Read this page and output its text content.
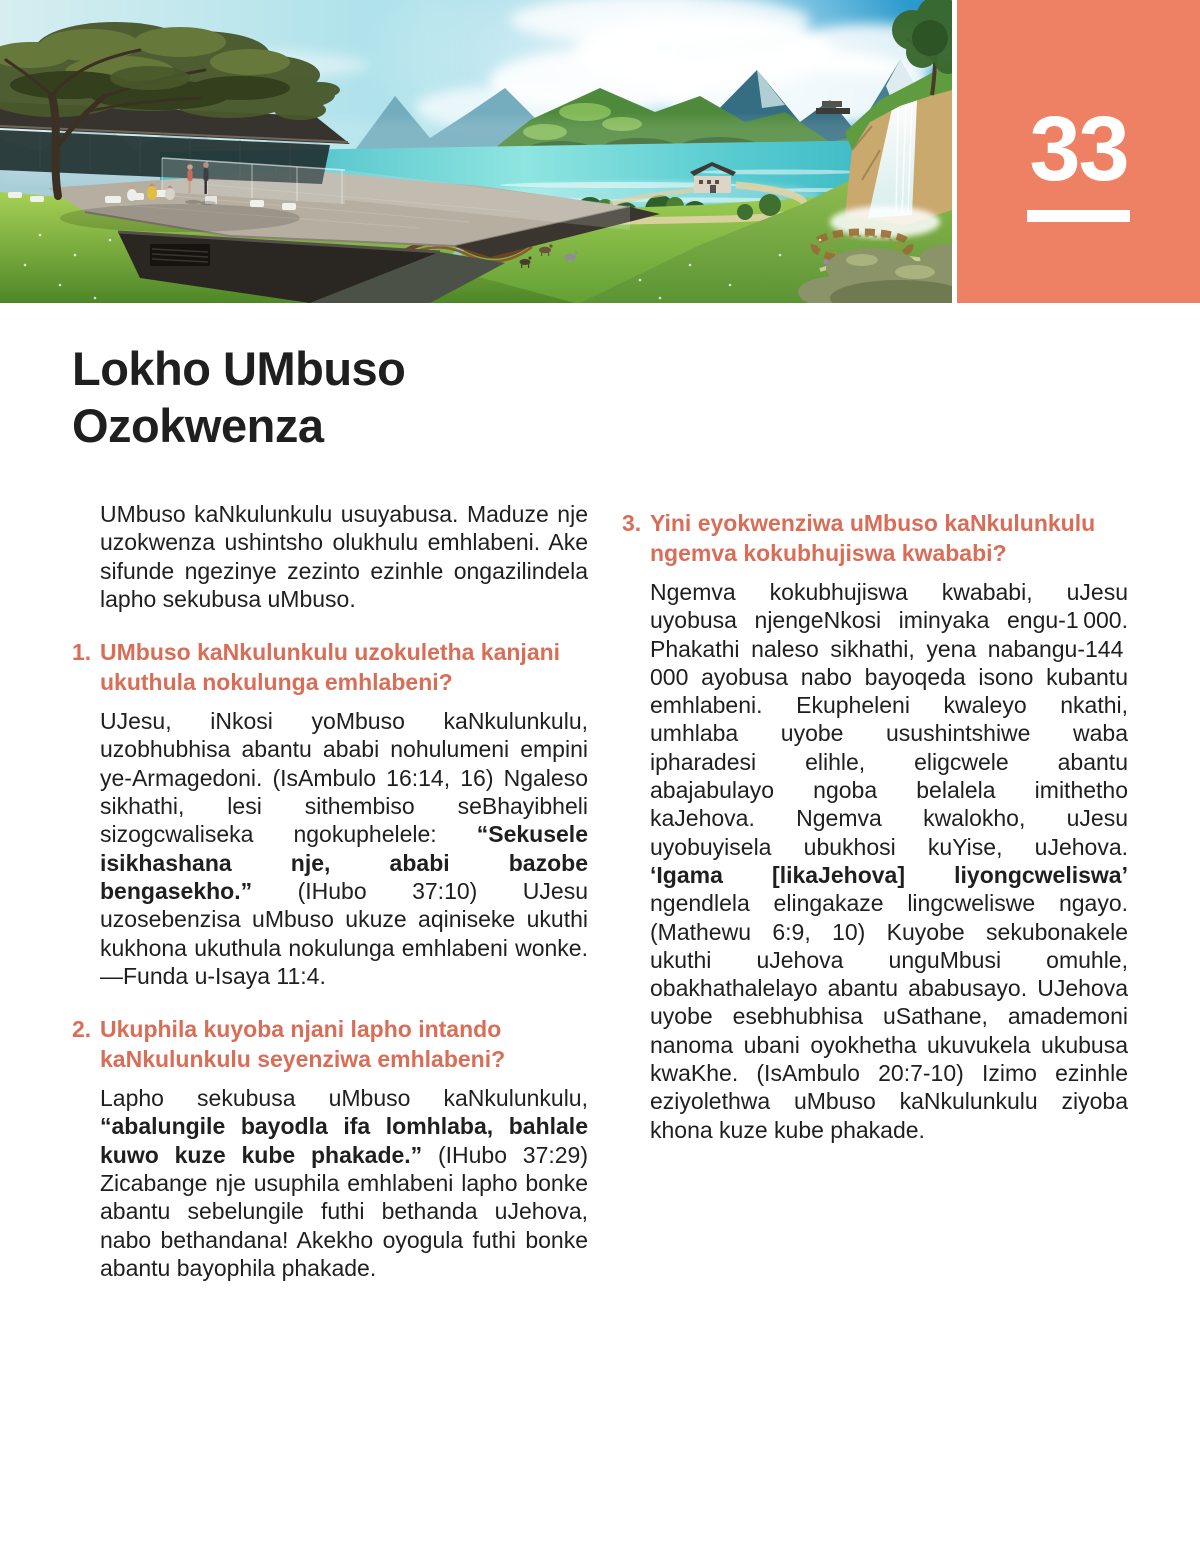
33
Lokho UMbuso Ozokwenza

UMbuso kaNkulunkulu usuyabusa. Maduze nje uzokwenza ushintsho olukhulu emhlabeni. Ake sifunde ngezinye zezinto ezinhle ongazilindela lapho sekubusa uMbuso.

1. UMbuso kaNkulunkulu uzokuletha kanjani ukuthula nokulunga emhlabeni?

UJesu, iNkosi yoMbuso kaNkulunkulu, uzobhubhisa abantu ababi nohulumeni empini ye-Armagedoni. (IsAmbulo 16:14, 16) Ngaleso sikhathi, lesi sithembiso seBhayibheli sizogcwaliseka ngokuphelele: “Sekusele isikhashana nje, ababi bazobe bengasekho.” (IHubo 37:10) UJesu uzosebenzisa uMbuso ukuze aqiniseke ukuthi kukhona ukuthula nokulunga emhlabeni wonke.—Funda u-Isaya 11:4.

2. Ukuphila kuyoba njani lapho intando kaNkulunkulu seyenziwa emhlabeni?

Lapho sekubusa uMbuso kaNkulunkulu, “abalungile bayodla ifa lomhlaba, bahlale kuwo kuze kube phakade.” (IHubo 37:29) Zicabange nje usuphila emhlabeni lapho bonke abantu sebelungile futhi bethanda uJehova, nabo bethandana! Akekho oyogula futhi bonke abantu bayophila phakade.

3. Yini eyokwenziwa uMbuso kaNkulunkulu ngemva kokubhujiswa kwababi?

Ngemva kokubhujiswa kwababi, uJesu uyobusa njengeNkosi iminyaka engu-1 000. Phakathi naleso sikhathi, yena nabangu-144 000 ayobusa nabo bayoqeda isono kubantu emhlabeni. Ekupheleni kwaleyo nkathi, umhlaba uyobe usushintshiwe waba ipharadesi elihle, eligcwele abantu abajabulayo ngoba belalela imithetho kaJehova. Ngemva kwalokho, uJesu uyobuyisela ubukhosi kuYise, uJehova. ‘Igama [likaJehova] liyongcweliswa’ ngendlela elingakaze lingcweliswe ngayo. (Mathewu 6:9, 10) Kuyobe sekubonakele ukuthi uJehova unguMbusi omuhle, obakhathalelayo abantu ababusayo. UJehova uyobe esebhubhisa uSathane, amademoni nanoma ubani oyokhetha ukuvukela ukubusa kwaKhe. (IsAmbulo 20:7-10) Izimo ezinhle eziyolethwa uMbuso kaNkulunkulu ziyoba khona kuze kube phakade.
